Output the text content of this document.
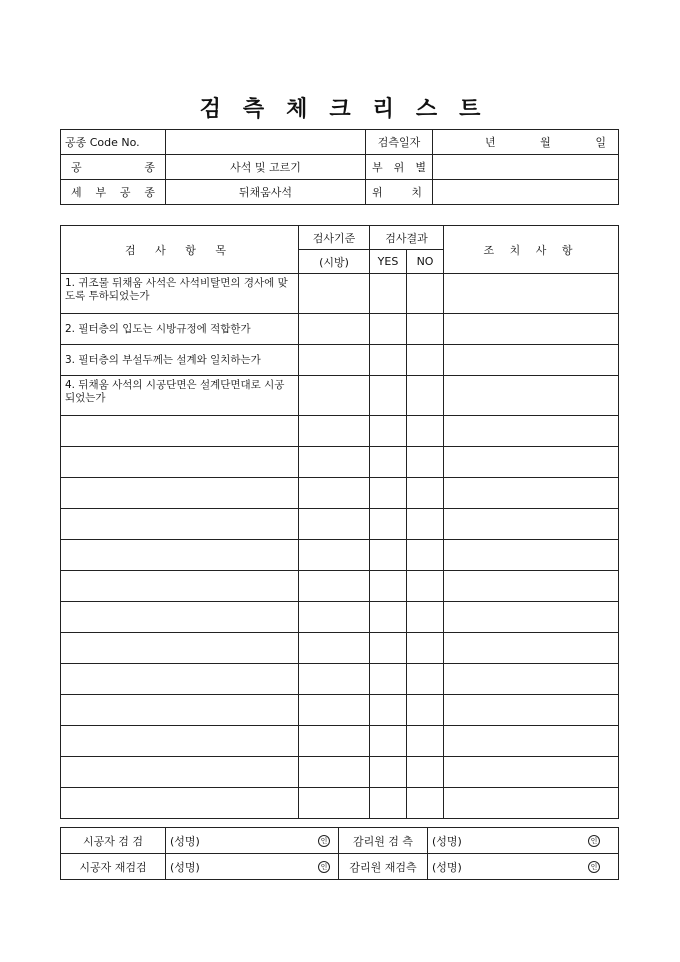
검 측 체 크 리 스 트
공종 Code No.		검측일자	년 월 일

공 종	사석 및 고르기	부 위 별	
세 부 공 종	뒤채움사석	위 치	
검 사 항 목	검사기준	검사결과		조 치 사 항
	(시방)	YES	NO	
1. 귀조물 뒤채움 사석은 사석비탈면의 경사에 맞도록 투하되었는가				
2. 필터층의 입도는 시방규정에 적합한가				
3. 필터층의 부설두께는 설계와 일치하는가				
4. 뒤채움 사석의 시공단면은 설계단면대로 시공되었는가				

시공자 검 검	(성명)	인	감리원 검 측	(성명)	인
시공자 재검검	(성명)	인	감리원 재검측	(성명)	인
